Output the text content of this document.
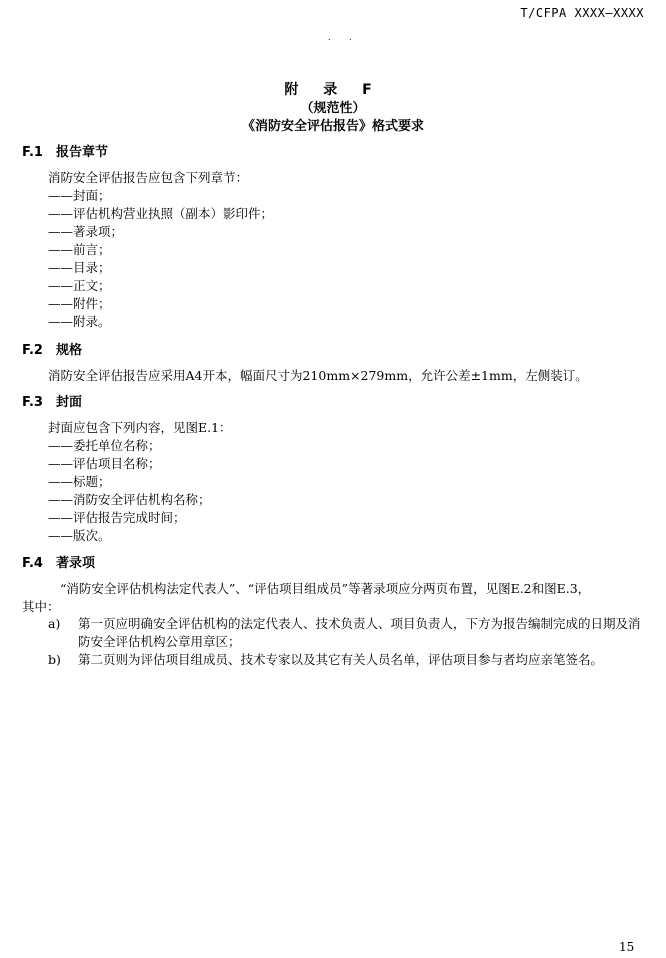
T/CFPA XXXX—XXXX
. .
附 录 F
（规范性）
《消防安全评估报告》格式要求
F.1 报告章节
消防安全评估报告应包含下列章节：
——封面；
——评估机构营业执照（副本）影印件；
——著录项；
——前言；
——目录；
——正文；
——附件；
——附录。
F.2 规格
消防安全评估报告应采用A4开本，幅面尺寸为210mm×279mm，允许公差±1mm，左侧装订。
F.3 封面
封面应包含下列内容，见图E.1：
——委托单位名称；
——评估项目名称；
——标题；
——消防安全评估机构名称；
——评估报告完成时间；
——版次。
F.4 著录项
“消防安全评估机构法定代表人”、“评估项目组成员”等著录项应分两页布置，见图E.2和图E.3，
其中：
a) 第一页应明确安全评估机构的法定代表人、技术负责人、项目负责人，下方为报告编制完成的日期及消防安全评估机构公章用章区；
b) 第二页则为评估项目组成员、技术专家以及其它有关人员名单，评估项目参与者均应亲笔签名。
15
